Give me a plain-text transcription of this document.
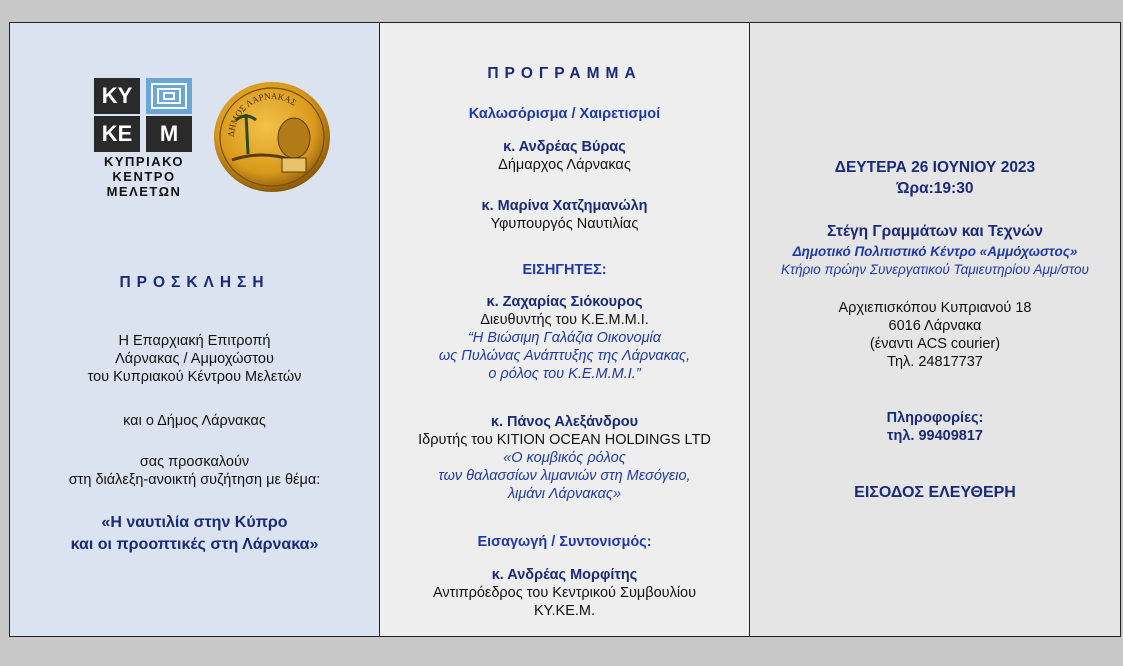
ΚΥ
ΚΕ	Μ
ΚΥΠΡΙΑΚΟ
ΚΕΝΤΡΟ
ΜΕΛΕΤΩΝ
ΔΗΜΟΣ ΛΑΡΝΑΚΑΣ
ΠΡΟΣΚΛΗΣΗ
Η Επαρχιακή Επιτροπή
Λάρνακας / Αμμοχώστου
του Κυπριακού Κέντρου Μελετών
και ο Δήμος Λάρνακας
σας προσκαλούν
στη διάλεξη-ανοικτή συζήτηση με θέμα:
«Η ναυτιλία στην Κύπρο
και οι προοπτικές στη Λάρνακα»
ΠΡΟΓΡΑΜΜΑ
Καλωσόρισμα / Χαιρετισμοί
κ. Ανδρέας Βύρας
Δήμαρχος Λάρνακας
κ. Μαρίνα Χατζημανώλη
Υφυπουργός Ναυτιλίας
ΕΙΣΗΓΗΤΕΣ:
κ. Ζαχαρίας Σιόκουρος
Διευθυντής του Κ.Ε.Μ.Μ.Ι.
“Η Βιώσιμη Γαλάζια Οικονομία
ως Πυλώνας Ανάπτυξης της Λάρνακας,
ο ρόλος του Κ.Ε.Μ.Μ.Ι.”
κ. Πάνος Αλεξάνδρου
Ιδρυτής του KITION OCEAN HOLDINGS LTD
«Ο κομβικός ρόλος
των θαλασσίων λιμανιών στη Μεσόγειο,
λιμάνι Λάρνακας»
Εισαγωγή / Συντονισμός:
κ. Ανδρέας Μορφίτης
Αντιπρόεδρος του Κεντρικού Συμβουλίου
ΚΥ.ΚΕ.Μ.
ΔΕΥΤΕΡΑ 26 ΙΟΥΝΙΟΥ 2023
Ώρα:19:30
Στέγη Γραμμάτων και Τεχνών
Δημοτικό Πολιτιστικό Κέντρο «Αμμόχωστος»
Κτήριο πρώην Συνεργατικού Ταμιευτηρίου Αμμ/στου
Αρχιεπισκόπου Κυπριανού 18
6016 Λάρνακα
(έναντι ACS courier)
Τηλ. 24817737
Πληροφορίες:
τηλ. 99409817
ΕΙΣΟΔΟΣ ΕΛΕΥΘΕΡΗ
